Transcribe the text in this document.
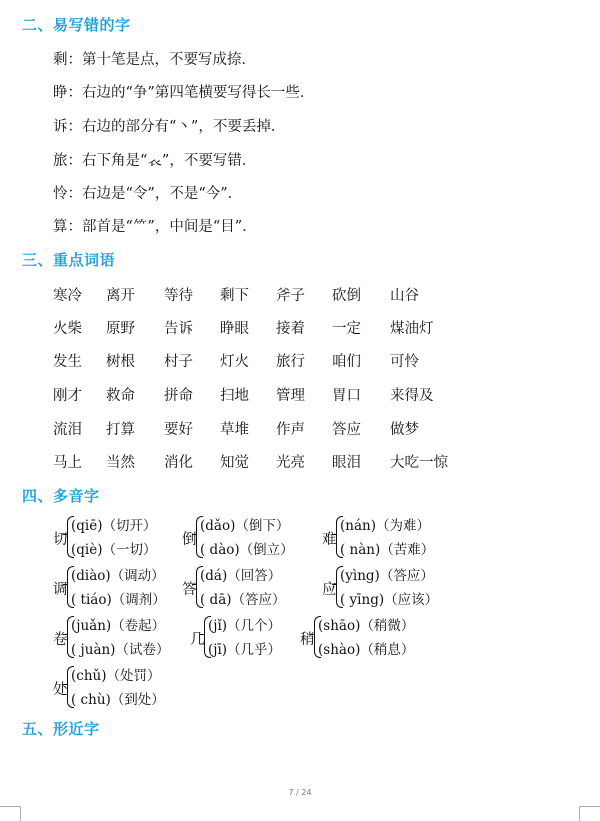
二、易写错的字
剩：第十笔是点，不要写成捺．
睁：右边的“争”第四笔横要写得长一些．
诉：右边的部分有“丶”，不要丢掉．
旅：右下角是“𧘇”，不要写错．
怜：右边是“令”，不是“今”．
算：部首是“⺮”，中间是“目”．
三、重点词语
寒冷 离开 等待 剩下 斧子 砍倒 山谷
火柴 原野 告诉 睁眼 接着 一定 煤油灯
发生 树根 村子 灯火 旅行 咱们 可怜
刚才 救命 拼命 扫地 管理 胃口 来得及
流泪 打算 要好 草堆 作声 答应 做梦
马上 当然 消化 知觉 光亮 眼泪 大吃一惊
四、多音字
切
(qiē)（切开）
(qiè)（一切）
倒
(dǎo)（倒下）
( dào)（倒立）
难
(nán)（为难）
( nàn)（苦难）
调
(diào)（调动）
( tiáo)（调剂）
答
(dá)（回答）
( dā)（答应）
应
(yìng)（答应）
( yīng)（应该）
卷
(juǎn)（卷起）
( juàn)（试卷）
几
(jǐ)（几个）
(jī)（几乎）
稍
(shāo)（稍微）
(shào)（稍息）
处
(chǔ)（处罚）
( chù)（到处）
五、形近字
7 / 24
